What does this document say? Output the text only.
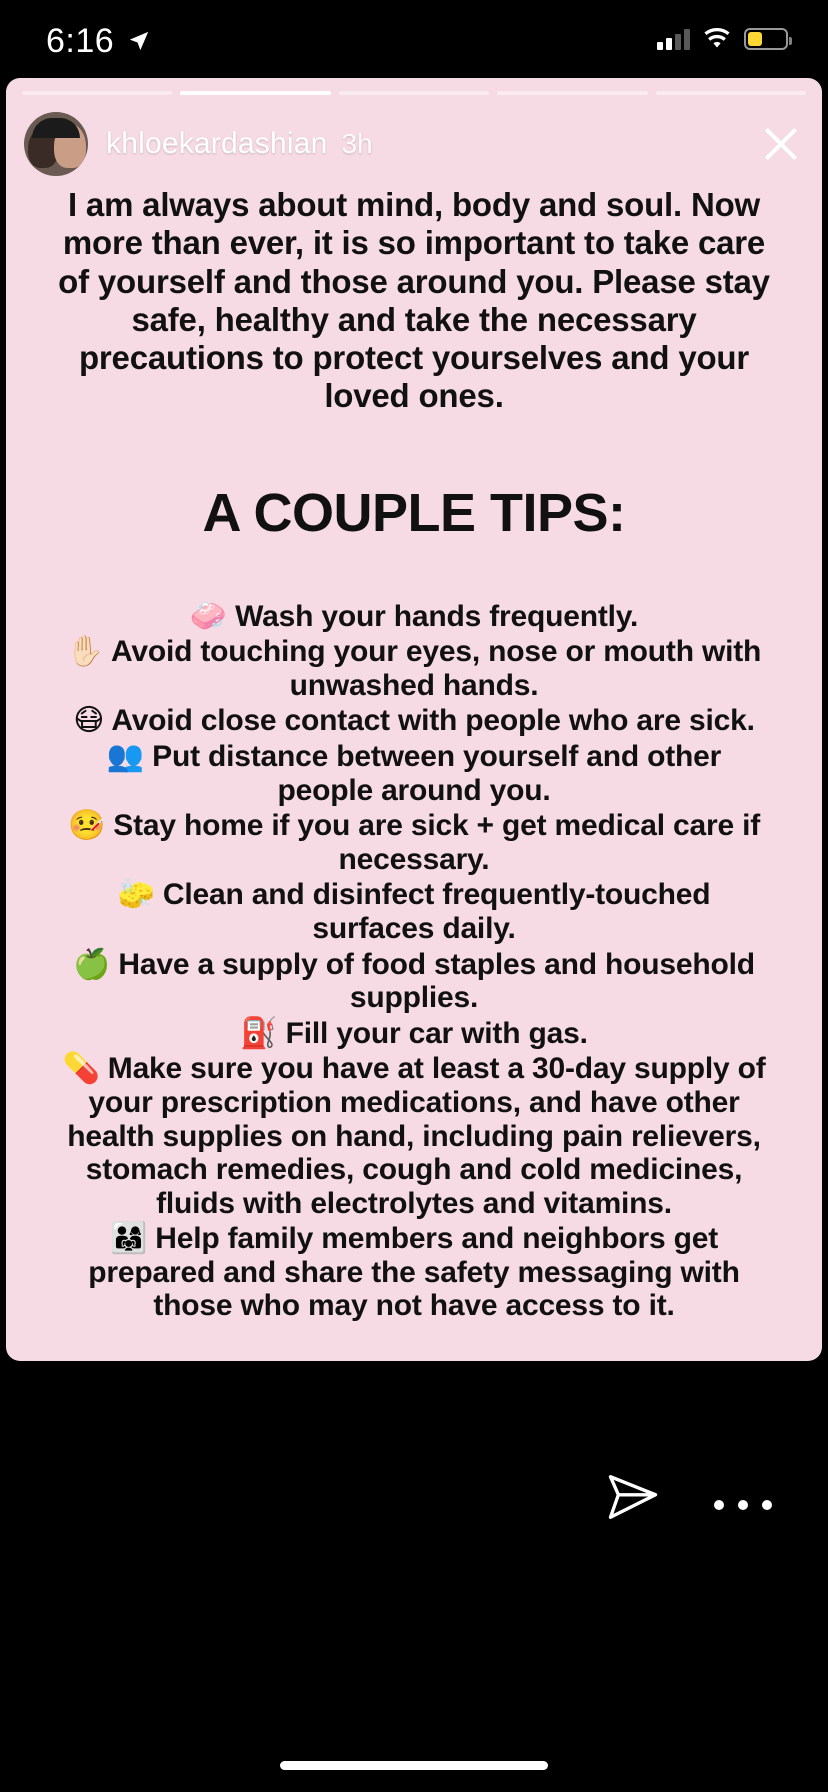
6:16
khloekardashian 3h
I am always about mind, body and soul. Now more than ever, it is so important to take care of yourself and those around you. Please stay safe, healthy and take the necessary precautions to protect yourselves and your loved ones.
A COUPLE TIPS:
🧼 Wash your hands frequently.
✋🏻 Avoid touching your eyes, nose or mouth with unwashed hands.
😷 Avoid close contact with people who are sick.
👥 Put distance between yourself and other people around you.
🤒 Stay home if you are sick + get medical care if necessary.
🧽 Clean and disinfect frequently-touched surfaces daily.
🍏 Have a supply of food staples and household supplies.
⛽ Fill your car with gas.
💊 Make sure you have at least a 30-day supply of your prescription medications, and have other health supplies on hand, including pain relievers, stomach remedies, cough and cold medicines, fluids with electrolytes and vitamins.
👨‍👩‍👧 Help family members and neighbors get prepared and share the safety messaging with those who may not have access to it.
